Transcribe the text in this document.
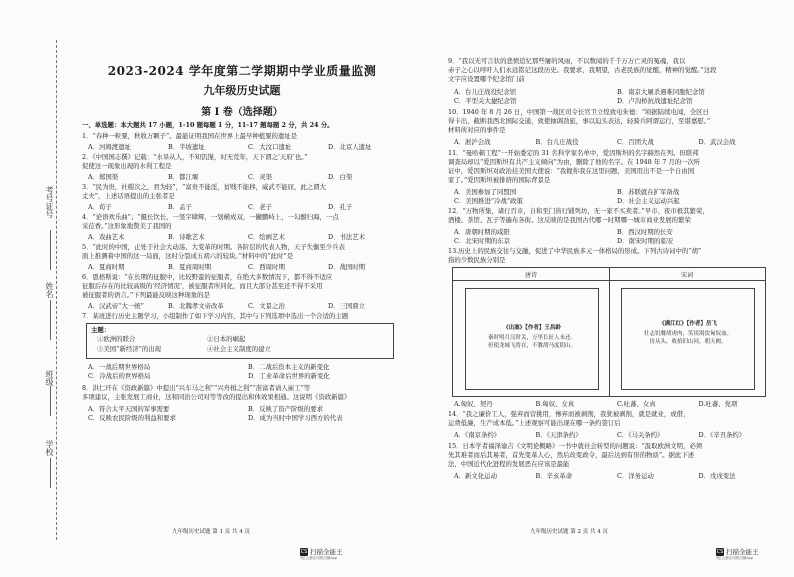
考号证号
姓名
班级
学校
2023-2024 学年度第二学期期中学业质量监测
九年级历史试题
第 I 卷（选择题）
一、单选题：本大题共 17 小题，1-10 题每题 1 分，11-17 题每题 2 分，共 24 分。
1．“春种一粒粟，秋收万颗子”。最能证明我国在世界上最早种植粟的遗址是
A．河姆渡遗址	B．半坡遗址	C．大汶口遗址	D．北京人遗址
2．《中国国志撰》记载：“水旱从人，不知饥馑，时无荒年，天下谓之‘天府’也。”
促使这一现象出现的水利工程是
A．郑国渠	B．都江堰	C．灵渠	D．白渠
3．“民为贵，社稷次之，君为轻”，“富贵不能淫，贫贱不能移，威武不能屈，此之谓大
丈夫”，上述话语提出的主张者是
A．荀子	B．孟子	C．老子	D．孔子
4．“论语欢乐曲”；“摄长饮长，一竖字肆辉，一划横成双，一撇鹏峙上，一勾酣归海，一点
采莅香。”这形象地赞美了我国的
A．戏曲艺术	B．诗歌艺术	C．绘画艺术	D．书法艺术
5．“此时的中国，正处于社会大动荡、大变革的时期。各阶层的代表人物，天子失衡至少兵表
面上推测着中国的这一局面，这时分裂成五胡六的较块。”材料中的“此时”是
A．夏商时期	B．夏商周时期	C．西周时期	D．战国时期
6．恩格斯说：“在长期的征服中，比较野蛮的征服者，在绝大多数情况下，都不得不适应
征服后存在的比较高级的‘经济情况’，被征服者所同化，而且大部分甚至还不得不采用
被征服者的语言。”下列最能反映这种现象的是
A．汉武帝“大一统”	B．北魏孝文帝改革	C．文景之治	D．三国鼎立
7．某班进行历史主题学习，小组制作了如下学习内容，其中与下列选项中选出一个合适的主题
主题：
①欧洲的联合	②日本的崛起
③美国“新经济”的出现	④社会主义制度的建立
A．一战后期世界格局	B．二战后资本主义的新变化
C．冷战后的世界格局	D．工业革命后世界的新变化
8．洪仁玕在《资政新篇》中提出“兴车马之利”“兴舟楫之利”“准富者请人雇工”等
多项建议，主张发展工商业，这和同治公司对等等改的提出和体效果相通。这说明《资政新篇》
A．符合太平天国的军事需要	B．反映了资产阶级的要求
C．反映农民阶级的利益和要求	D．成为当时中国学习西方的代表
九年级历史试题 第 1 页 共 4 页
CS 扫描全能王
3亿人都在用的扫描App
9．“我以无可言状的悲愤追忆那些屠的风雨，不以数闻的千千万万亡灵的冤魂，我以
赤子之心以呼吁人们永远铭记这段历史。我要求，我期望，古老民族的觉醒，精神的觉醒。”这段
文字应设置哪个纪念馆门前
A．台儿庄战役纪念馆	B．南京大屠杀遇难同胞纪念馆
C．平型关大捷纪念馆	D．卢沟桥抗战遗址纪念馆
10．1940 年 8 月 26 日，中国第一战区司令长官卫立煌致电朱德：“顷据陆续电闻，全区日
得卡出，截断我西北国际交通，致使抽调劲旅，事以迫头表达，轻骑兵阿谓运行，至堪嘉慰。”
材料所对应的事件是
A．淞沪会战	B．台儿庄战役	C．百团大战	D．武汉会战
11．“曼哈顿工程”一开始委定的 31 名科学家名单中，爱因斯坦的名字赫然在列。但联邦
调查局却以“爱因斯坦有共产主义倾向”为由，删除了他的名字。在 1948 年 7 月的一次听
证中，爱因斯坦对政治挂美国大使说：“我握你我在这里问题，美国用出不是一个自由国
家了。”爱因斯坦被排挤的国际背景是
A．美国参加了同盟国	B．苏联就在扩军备战
C．美国推进“冷战”政策	D．社会主义运动兴起
12．“万物所集，诸行百市，自和至门皆行铺列坊，无一家不买卖者。”早市、夜市极其繁荣，
酒楼、茶馆、瓦子等遍布各街。这反映的是我国古代哪一时期哪一城市商业发展的繁荣
A．唐朝时期的咸阳	B．西汉时期的长安
C．北宋时期的东京	D．南宋时期的临安
13.历史上的民族交往与交融，促进了中华民族多元一体格局的形成。下列古诗词中的“胡”
指的少数民族分别是
唐诗	宋词
《出塞》【作者】王昌龄
秦时明月汉时关，万里长征人未还。
但使龙城飞将在，不教胡马度阴山。
《满江红》【作者】岳飞
壮志饥餐胡虏肉，笑谈渴饮匈奴血。
待从头，收拾旧山河，朝天阙。
A.匈奴、契丹	B.匈奴、女真	C.吐蕃、女真	D.吐蕃、党项
14．“我之廉价工人，强弃而营挑用，惨弃而被剥削，我犹被剥削，就是就业，或借，
运费低廉，生产成本低。”上述观察可能出现在哪一条约签订后
A．《南京条约》	B．《天津条约》	C．《马关条约》	D．《辛丑条约》
15．日本学者福泽谕吉《文明论概略》一书中就社会转型的问题说：“汲取欧洲文明，必须
先其难者而后其易者，首先变革人心，然后改变政令，最后达到有形的物质”。据此下述
法，中国近代化进程的发展恶在应该是最能
A．新文化运动	B．辛亥革命	C．洋务运动	D．戊戌变法
九年级历史试题 第 2 页 共 4 页
CS 扫描全能王
3亿人都在用的扫描App
